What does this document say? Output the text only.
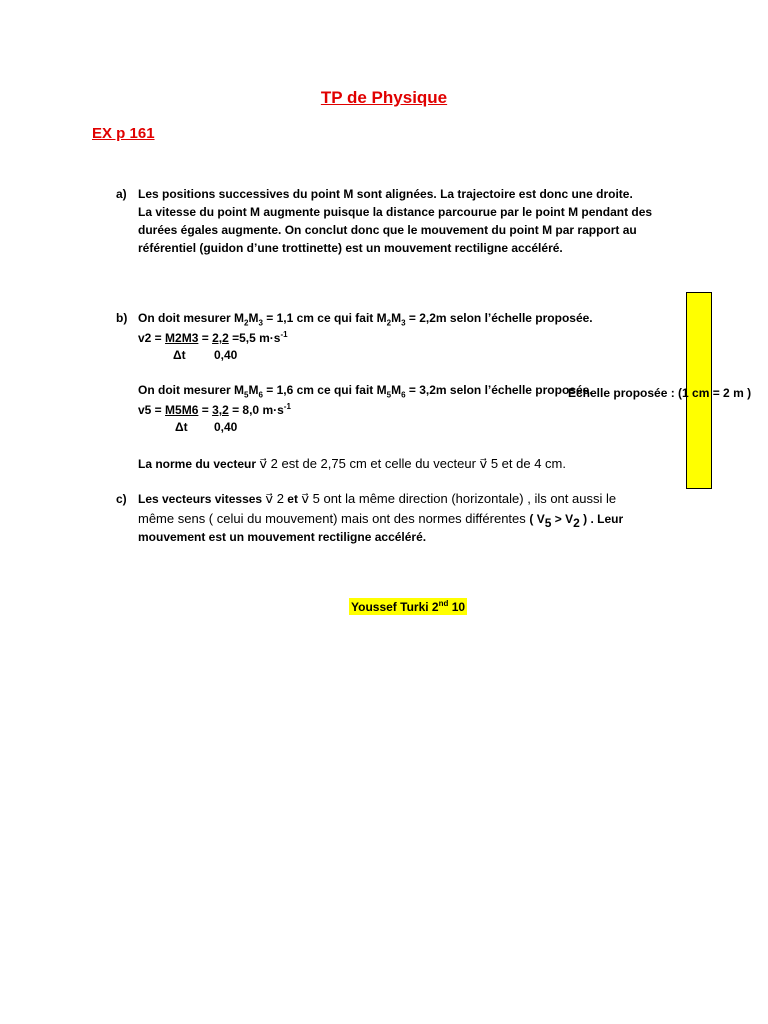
TP de Physique
EX p 161
a) Les positions successives du point M sont alignées. La trajectoire est donc une droite.
La vitesse du point M augmente puisque la distance parcourue par le point M pendant des
durées égales augmente. On conclut donc que le mouvement du point M par rapport au
référentiel (guidon d’une trottinette) est un mouvement rectiligne accéléré.
b) On doit mesurer $M_2M_3 = 1,1$ cm ce qui fait $M_2M_3 = 2,2m$ selon l’échelle proposée.
v2 = M2M3 = 2,2 =5,5 $m\cdot s^{-1}$
Δt 0,40
On doit mesurer $M_5M_6 = 1,6$ cm ce qui fait $M_5M_6 = 3,2m$ selon l’échelle proposée.
v5 = M5M6 = 3,2 = 8,0 $m\cdot s^{-1}$
Δt 0,40
La norme du vecteur v⃗ 2 est de 2,75 cm et celle du vecteur v⃗ 5 et de 4 cm.
c) Les vecteurs vitesses v⃗ 2 et v⃗ 5 ont la même direction (horizontale) , ils ont aussi le
même sens ( celui du mouvement) mais ont des normes différentes ( $V_5 > V_2$ ) . Leur
mouvement est un mouvement rectiligne accéléré.
Echelle proposée : (1 cm = 2 m )
Youssef Turki 2nd 10
